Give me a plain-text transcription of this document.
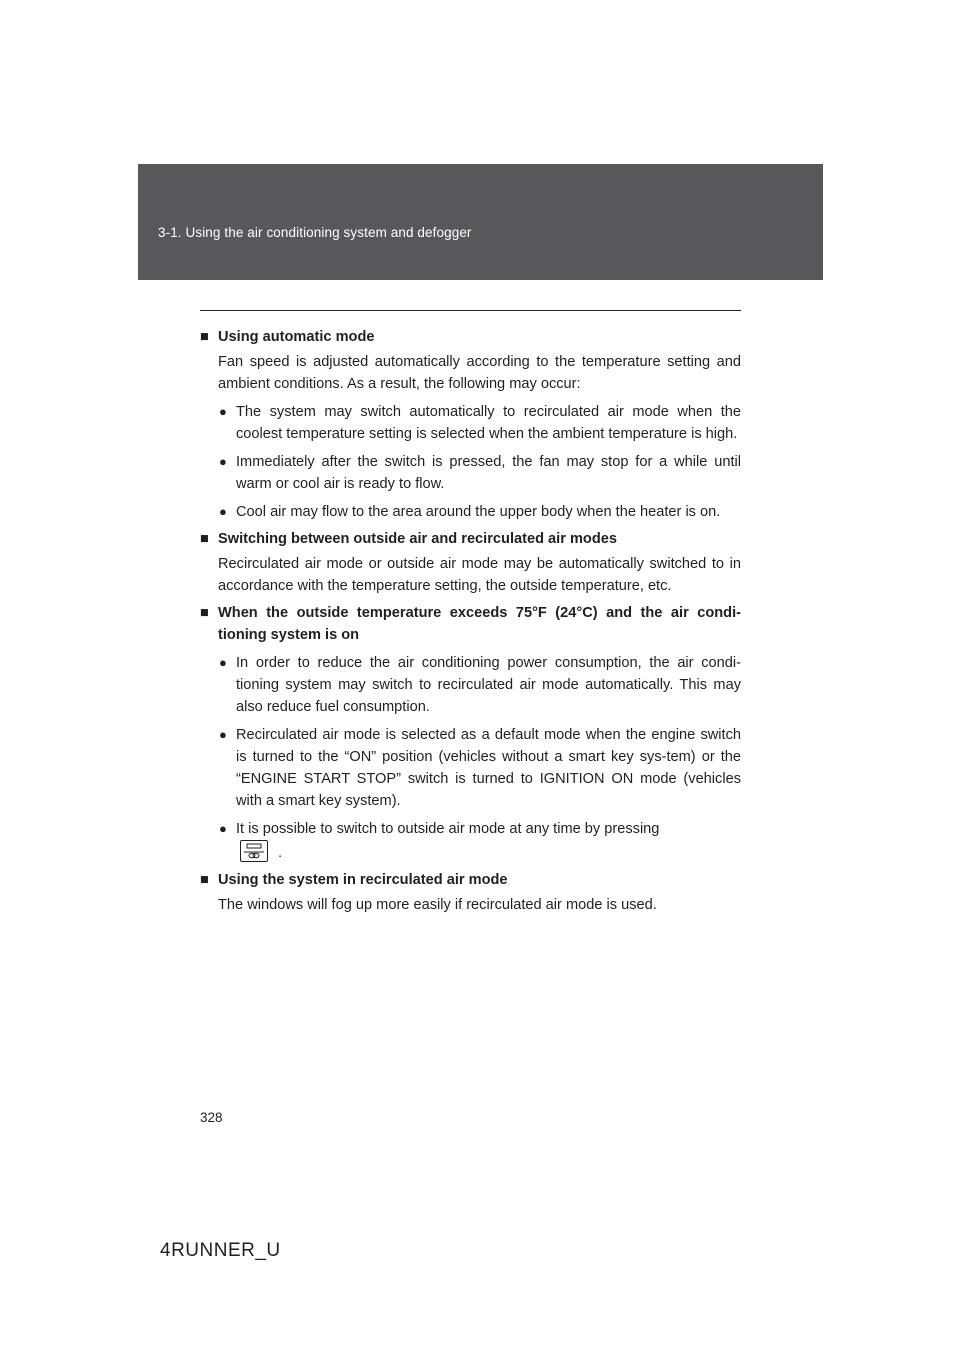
3-1. Using the air conditioning system and defogger
■ Using automatic mode
Fan speed is adjusted automatically according to the temperature setting and ambient conditions. As a result, the following may occur:
● The system may switch automatically to recirculated air mode when the coolest temperature setting is selected when the ambient temperature is high.
● Immediately after the switch is pressed, the fan may stop for a while until warm or cool air is ready to flow.
● Cool air may flow to the area around the upper body when the heater is on.
■ Switching between outside air and recirculated air modes
Recirculated air mode or outside air mode may be automatically switched to in accordance with the temperature setting, the outside temperature, etc.
■ When the outside temperature exceeds 75°F (24°C) and the air condi-tioning system is on
● In order to reduce the air conditioning power consumption, the air condi-tioning system may switch to recirculated air mode automatically. This may also reduce fuel consumption.
● Recirculated air mode is selected as a default mode when the engine switch is turned to the “ON” position (vehicles without a smart key sys-tem) or the “ENGINE START STOP” switch is turned to IGNITION ON mode (vehicles with a smart key system).
● It is possible to switch to outside air mode at any time by pressing

.
■ Using the system in recirculated air mode
The windows will fog up more easily if recirculated air mode is used.
328
4RUNNER_U
